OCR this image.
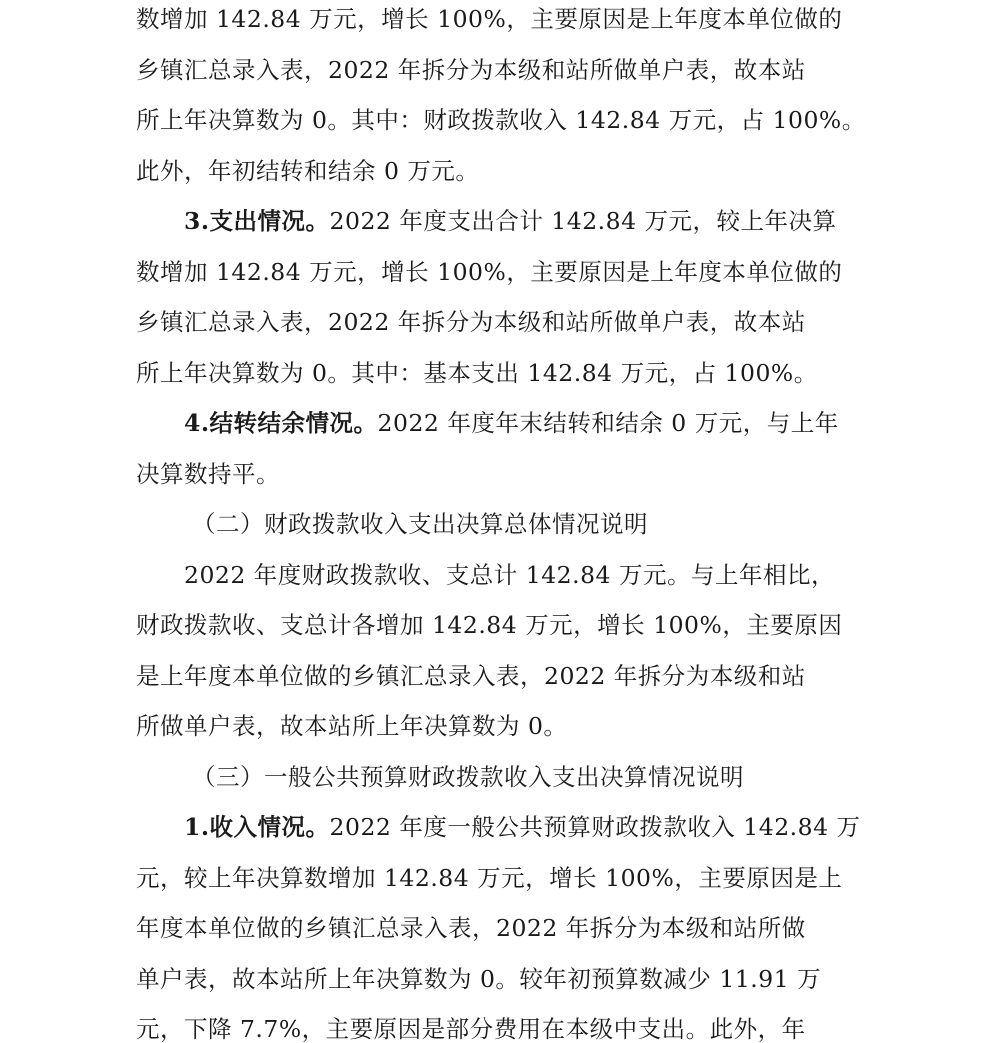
数增加 142.84 万元，增长 100%，主要原因是上年度本单位做的
乡镇汇总录入表，2022 年拆分为本级和站所做单户表，故本站
所上年决算数为 0。其中：财政拨款收入 142.84 万元，占 100%。
此外，年初结转和结余 0 万元。
3.支出情况。2022 年度支出合计 142.84 万元，较上年决算
数增加 142.84 万元，增长 100%，主要原因是上年度本单位做的
乡镇汇总录入表，2022 年拆分为本级和站所做单户表，故本站
所上年决算数为 0。其中：基本支出 142.84 万元，占 100%。
4.结转结余情况。2022 年度年末结转和结余 0 万元，与上年
决算数持平。
（二）财政拨款收入支出决算总体情况说明
2022 年度财政拨款收、支总计 142.84 万元。与上年相比，
财政拨款收、支总计各增加 142.84 万元，增长 100%，主要原因
是上年度本单位做的乡镇汇总录入表，2022 年拆分为本级和站
所做单户表，故本站所上年决算数为 0。
（三）一般公共预算财政拨款收入支出决算情况说明
1.收入情况。2022 年度一般公共预算财政拨款收入 142.84 万
元，较上年决算数增加 142.84 万元，增长 100%，主要原因是上
年度本单位做的乡镇汇总录入表，2022 年拆分为本级和站所做
单户表，故本站所上年决算数为 0。较年初预算数减少 11.91 万
元，下降 7.7%，主要原因是部分费用在本级中支出。此外，年
